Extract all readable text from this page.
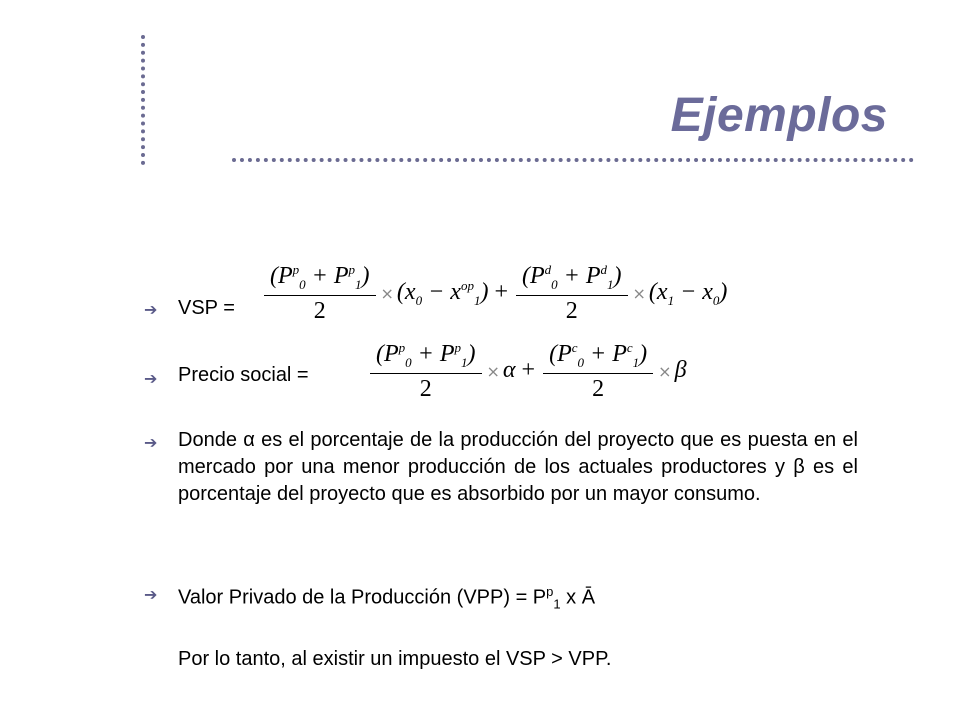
Ejemplos
➔ VSP = $\frac{(P^p_0 + P^p_1)}{2} \times (x_0 - x^{op}_1) + \frac{(P^d_0 + P^d_1)}{2} \times (x_1 - x_0)$
➔ Precio social =	$\frac{(P^p_0 + P^p_1)}{2} \times \alpha + \frac{(P^c_0 + P^c_1)}{2} \times \beta$
➔ Donde α es el porcentaje de la producción del proyecto que es puesta en el mercado por una menor producción de los actuales productores y β es el porcentaje del proyecto que es absorbido por un mayor consumo.
➔ Valor Privado de la Producción $(VPP) = P^p_1$ x Ā
Por lo tanto, al existir un impuesto el VSP > VPP.
